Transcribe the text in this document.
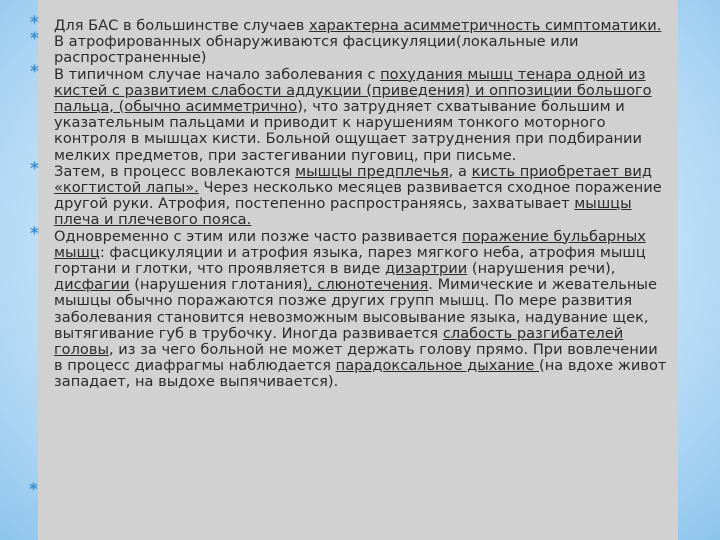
* Для БАС в большинстве случаев характерна асимметричность симптоматики.

* В атрофированных обнаруживаются фасцикуляции(локальные или распространенные)

* В типичном случае начало заболевания с похудания мышц тенара одной из кистей с развитием слабости аддукции (приведения) и оппозиции большого пальца, (обычно асимметрично), что затрудняет схватывание большим и указательным пальцами и приводит к нарушениям тонкого моторного контроля в мышцах кисти. Больной ощущает затруднения при подбирании мелких предметов, при застегивании пуговиц, при письме.

* Затем, в процесс вовлекаются мышцы предплечья, а кисть приобретает вид «когтистой лапы». Через несколько месяцев развивается сходное поражение другой руки. Атрофия, постепенно распространяясь, захватывает мышцы плеча и плечевого пояса.

* Одновременно с этим или позже часто развивается поражение бульбарных мышц: фасцикуляции и атрофия языка, парез мягкого неба, атрофия мышц гортани и глотки, что проявляется в виде дизартрии (нарушения речи), дисфагии (нарушения глотания), слюнотечения. Мимические и жевательные мышцы обычно поражаются позже других групп мышц. По мере развития заболевания становится невозможным высовывание языка, надувание щек, вытягивание губ в трубочку. Иногда развивается слабость разгибателей головы, из за чего больной не может держать голову прямо. При вовлечении в процесс диафрагмы наблюдается парадоксальное дыхание (на вдохе живот западает, на выдохе выпячивается).

*
